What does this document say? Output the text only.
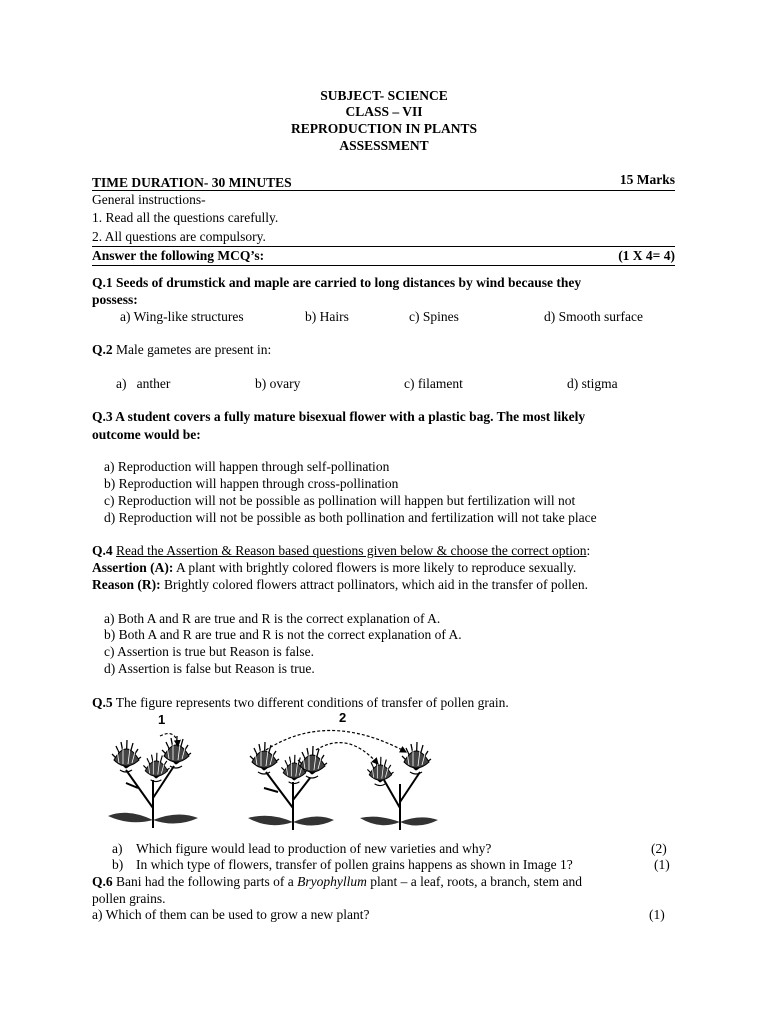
SUBJECT- SCIENCE
CLASS – VII
REPRODUCTION IN PLANTS
ASSESSMENT
TIME DURATION- 30 MINUTES	15 Marks
General instructions-
1. Read all the questions carefully.
2. All questions are compulsory.
Answer the following MCQ’s:	(1 X 4= 4)
Q.1 Seeds of drumstick and maple are carried to long distances by wind because they
possess:
a) Wing-like structures	b) Hairs	c) Spines	d) Smooth surface
Q.2 Male gametes are present in:
a)   anther	b) ovary	c) filament	d) stigma
Q.3 A student covers a fully mature bisexual flower with a plastic bag. The most likely
outcome would be:
a) Reproduction will happen through self-pollination
b) Reproduction will happen through cross-pollination
c) Reproduction will not be possible as pollination will happen but fertilization will not
d) Reproduction will not be possible as both pollination and fertilization will not take place
Q.4 Read the Assertion & Reason based questions given below & choose the correct option:
Assertion (A): A plant with brightly colored flowers is more likely to reproduce sexually.
Reason (R): Brightly colored flowers attract pollinators, which aid in the transfer of pollen.
a) Both A and R are true and R is the correct explanation of A.
b) Both A and R are true and R is not the correct explanation of A.
c) Assertion is true but Reason is false.
d) Assertion is false but Reason is true.
Q.5 The figure represents two different conditions of transfer of pollen grain.
1	2
a) Which figure would lead to production of new varieties and why?	(2)
b) In which type of flowers, transfer of pollen grains happens as shown in Image 1?	(1)
Q.6 Bani had the following parts of a Bryophyllum plant – a leaf, roots, a branch, stem and
pollen grains.
a) Which of them can be used to grow a new plant?	(1)
